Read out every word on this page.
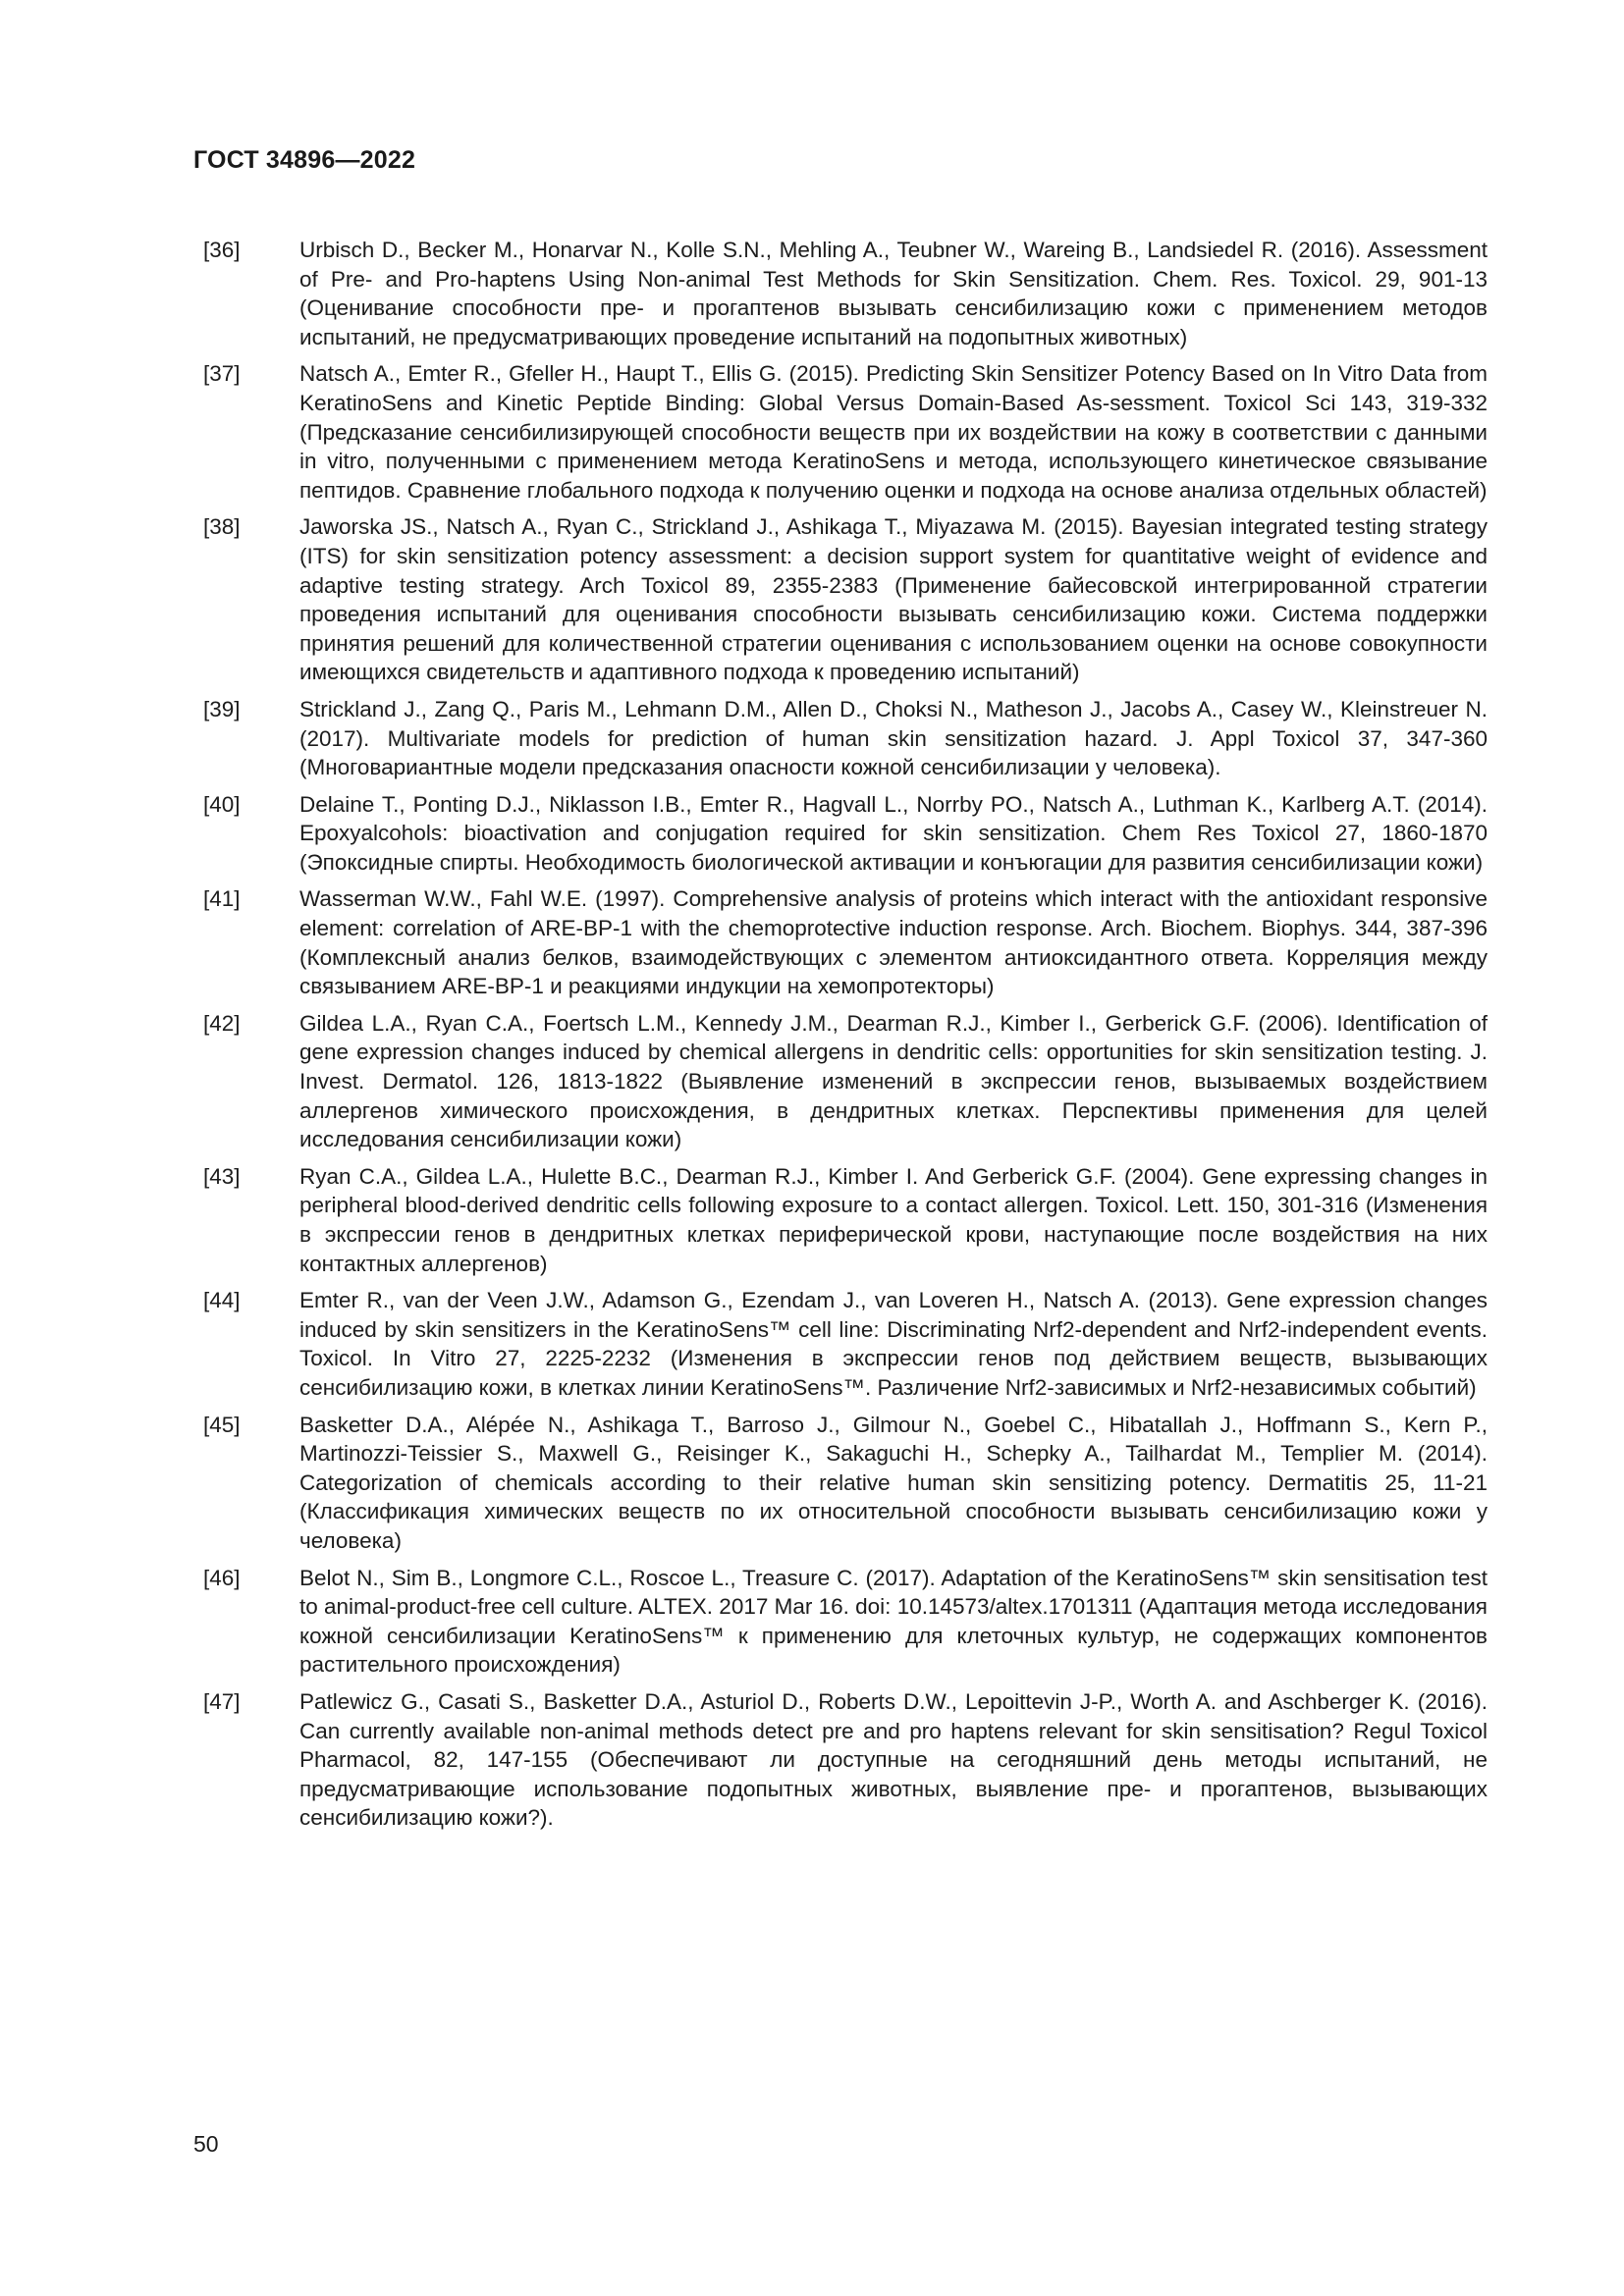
ГОСТ 34896—2022
[36]	Urbisch D., Becker M., Honarvar N., Kolle S.N., Mehling A., Teubner W., Wareing B., Landsiedel R. (2016). Assessment of Pre- and Pro-haptens Using Non-animal Test Methods for Skin Sensitization. Chem. Res. Toxicol. 29, 901-13 (Оценивание способности пре- и прогаптенов вызывать сенсибилизацию кожи с применением методов испытаний, не предусматривающих проведение испытаний на подопытных животных)
[37]	Natsch A., Emter R., Gfeller H., Haupt T., Ellis G. (2015). Predicting Skin Sensitizer Potency Based on In Vitro Data from KeratinoSens and Kinetic Peptide Binding: Global Versus Domain-Based As-sessment. Toxicol Sci 143, 319-332 (Предсказание сенсибилизирующей способности веществ при их воздействии на кожу в соответствии с данными in vitro, полученными с применением метода KeratinoSens и метода, использующего кинетическое связывание пептидов. Сравнение глобального подхода к получению оценки и подхода на основе анализа отдельных областей)
[38]	Jaworska JS., Natsch A., Ryan C., Strickland J., Ashikaga T., Miyazawa M. (2015). Bayesian integrated testing strategy (ITS) for skin sensitization potency assessment: a decision support system for quantitative weight of evidence and adaptive testing strategy. Arch Toxicol 89, 2355-2383 (Применение байесовской интегрированной стратегии проведения испытаний для оценивания способности вызывать сенсибилизацию кожи. Система поддержки принятия решений для количественной стратегии оценивания с использованием оценки на основе совокупности имеющихся свидетельств и адаптивного подхода к проведению испытаний)
[39]	Strickland J., Zang Q., Paris M., Lehmann D.M., Allen D., Choksi N., Matheson J., Jacobs A., Casey W., Kleinstreuer N. (2017). Multivariate models for prediction of human skin sensitization hazard. J. Appl Toxicol 37, 347-360 (Многовариантные модели предсказания опасности кожной сенсибилизации у человека).
[40]	Delaine T., Ponting D.J., Niklasson I.B., Emter R., Hagvall L., Norrby PO., Natsch A., Luthman K., Karlberg A.T. (2014). Epoxyalcohols: bioactivation and conjugation required for skin sensitization. Chem Res Toxicol 27, 1860-1870 (Эпоксидные спирты. Необходимость биологической активации и конъюгации для развития сенсибилизации кожи)
[41]	Wasserman W.W., Fahl W.E. (1997). Comprehensive analysis of proteins which interact with the antioxidant responsive element: correlation of ARE-BP-1 with the chemoprotective induction response. Arch. Biochem. Biophys. 344, 387-396 (Комплексный анализ белков, взаимодействующих с элементом антиоксидантного ответа. Корреляция между связыванием ARE-BP-1 и реакциями индукции на хемопротекторы)
[42]	Gildea L.A., Ryan C.A., Foertsch L.M., Kennedy J.M., Dearman R.J., Kimber I., Gerberick G.F. (2006). Identification of gene expression changes induced by chemical allergens in dendritic cells: opportunities for skin sensitization testing. J. Invest. Dermatol. 126, 1813-1822 (Выявление изменений в экспрессии генов, вызываемых воздействием аллергенов химического происхождения, в дендритных клетках. Перспективы применения для целей исследования сенсибилизации кожи)
[43]	Ryan C.A., Gildea L.A., Hulette B.C., Dearman R.J., Kimber I. And Gerberick G.F. (2004). Gene expressing changes in peripheral blood-derived dendritic cells following exposure to a contact allergen. Toxicol. Lett. 150, 301-316 (Изменения в экспрессии генов в дендритных клетках периферической крови, наступающие после воздействия на них контактных аллергенов)
[44]	Emter R., van der Veen J.W., Adamson G., Ezendam J., van Loveren H., Natsch A. (2013). Gene expression changes induced by skin sensitizers in the KeratinoSens™ cell line: Discriminating Nrf2-dependent and Nrf2-independent events. Toxicol. In Vitro 27, 2225-2232 (Изменения в экспрессии генов под действием веществ, вызывающих сенсибилизацию кожи, в клетках линии KeratinoSens™. Различение Nrf2-зависимых и Nrf2-независимых событий)
[45]	Basketter D.A., Alépée N., Ashikaga T., Barroso J., Gilmour N., Goebel C., Hibatallah J., Hoffmann S., Kern P., Martinozzi-Teissier S., Maxwell G., Reisinger K., Sakaguchi H., Schepky A., Tailhardat M., Templier M. (2014). Categorization of chemicals according to their relative human skin sensitizing potency. Dermatitis 25, 11-21 (Классификация химических веществ по их относительной способности вызывать сенсибилизацию кожи у человека)
[46]	Belot N., Sim B., Longmore C.L., Roscoe L., Treasure C. (2017). Adaptation of the KeratinoSens™ skin sensitisation test to animal-product-free cell culture. ALTEX. 2017 Mar 16. doi: 10.14573/altex.1701311 (Адаптация метода исследования кожной сенсибилизации KeratinoSens™ к применению для клеточных культур, не содержащих компонентов растительного происхождения)
[47]	Patlewicz G., Casati S., Basketter D.A., Asturiol D., Roberts D.W., Lepoittevin J-P., Worth A. and Aschberger K. (2016). Can currently available non-animal methods detect pre and pro haptens relevant for skin sensitisation? Regul Toxicol Pharmacol, 82, 147-155 (Обеспечивают ли доступные на сегодняшний день методы испытаний, не предусматривающие использование подопытных животных, выявление пре- и прогаптенов, вызывающих сенсибилизацию кожи?).
50
